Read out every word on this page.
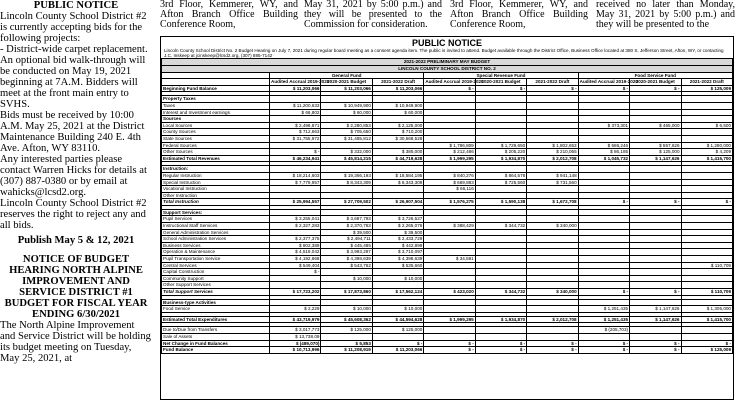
3rd Floor, Kemmerer, WY, and Afton Branch Office Building Conference Room,
May 31, 2021 by 5:00 p.m.) and they will be presented to the Commission for consideration.
3rd Floor, Kemmerer, WY, and Afton Branch Office Building Conference Room,
received no later than Monday, May 31, 2021 by 5:00 p.m.) and they will be presented to the

PUBLIC NOTICE

Lincoln County School District #2 is currently accepting bids for the following projects:

- District-wide carpet replacement.

An optional bid walk-through will be conducted on May 19, 2021 beginning at 7A.M. Bidders will meet at the front main entry to SVHS.

Bids must be received by 10:00 A.M. May 25, 2021 at the District Maintenance Building 240 E. 4th Ave. Afton, WY 83110.

Any interested parties please contact Warren Hicks for details at (307) 887-0380 or by email at wahicks@lcsd2.org.

Lincoln County School District #2 reserves the right to reject any and all bids.

Publish May 5 & 12, 2021

NOTICE OF BUDGET HEARING NORTH ALPINE IMPROVEMENT AND SERVICE DISTRICT #1 BUDGET FOR FISCAL YEAR ENDING 6/30/2021

The North Alpine Improvement and Service District will be holding its budget meeting on Tuesday, May 25, 2021, at

PUBLIC NOTICE
Lincoln County School District No. 2 Budget Hearing on July 7, 2021 during regular board meeting as a consent agenda item. The public is invited to attend. Budget available through the District Office, Business Office located at 380 S. Jefferson Street, Afton, WY, or contacting J.C. Inskeep at jcinskeep@lcsd2.org, (307) 885-7142
2021-2022 PRELIMINARY MAY BUDGET									
LINCOLN COUNTY SCHOOL DISTRICT NO. 2									
	General Fund			Special Revenue Fund			Food Service Fund		
	Audited Accrual 2019-2020	2020-2021 Budget	2021-2022 Draft	Audited Accrual 2019-2020	2020-2021 Budget	2021-2022 Draft	Audited Accrual 2019-2020	2020-2021 Budget	2021-2022 Draft
Beginning Fund Balance	$ 11,203,066	$ 11,203,066	$ 11,203,066	$ -	$ -	$ -	$ -	$ -	$ 125,009

Property Taxes									
Taxes	$ 11,200,633	$ 10,949,900	$ 10,949,900						
Interest and Investment earnings	$ 66,802	$ 60,000	$ 60,000						
Sources									
Local Sources	$ 2,498,871	$ 2,280,853	$ 2,125,000				$ 373,301	$ 465,000	$ 6,500
County Sources	$ 712,663	$ 705,650	$ 710,200						
State Sources	$ 31,755,972	$ 31,485,812	$ 30,568,528						
Federal Sources				$ 1,786,809	$ 1,729,650	$ 1,802,653	$ 586,246	$ 557,626	$ 1,280,000
Other Sources	$ -	$ 332,000	$ 385,000	$ 212,486	$ 205,220	$ 210,055	$ 86,185	$ 125,000	$ 4,209
Estimated Total Revenues	$ 46,234,941	$ 45,814,215	$ 44,719,628	$ 1,999,295	$ 1,934,870	$ 2,012,708	$ 1,045,732	$ 1,147,626	$ 1,415,700

Instruction:									
Regular Instruction	$ 18,214,603	$ 19,366,193	$ 18,584,195	$ 840,276	$ 864,578	$ 941,148			
Special Instruction	$ 7,779,957	$ 8,343,309	$ 8,343,309	$ 669,883	$ 725,560	$ 731,560			
Vocational Instruction				$ 66,116					
Other Instruction									
Total Instruction	$ 25,994,557	$ 27,709,502	$ 26,907,504	$ 1,576,275	$ 1,590,138	$ 1,672,708	$ -	$ -	$ -

Support Services:									
Pupil Services	$ 3,255,041	$ 3,687,793	$ 3,726,527						
Instructional Staff Services	$ 2,327,283	$ 2,370,763	$ 2,265,076	$ 388,429	$ 344,732	$ 340,000			
General Administration Services		$ 39,500	$ 39,500						
School Administration Services	$ 2,377,375	$ 2,494,711	$ 2,433,729						
Business Services	$ 802,389	$ 445,485	$ 442,899						
Operation & Maintenance	$ 4,519,042	$ 3,993,297	$ 3,710,097						
Pupil Transportation Service	$ 4,192,668	$ 4,398,639	$ 4,398,639	$ 34,591					
Central Services	$ 549,404	$ 543,762	$ 535,660						$ 110,709
Capital Construction	$ -								
Community Support		$ 10,000	$ 10,000						
Other Support Services									
Total Support Services	$ 17,723,202	$ 17,873,860	$ 17,562,124	$ 423,020	$ 344,732	$ 340,000	$ -	$ -	$ 110,709

Business-type Activities									
Food Service	$ 2,229	$ 10,000	$ 10,000				$ 1,251,435	$ 1,147,626	$ 1,305,000

Estimated Total Expenditures	$ 43,719,979	$ 45,608,362	$ 44,594,628	$ 1,999,295	$ 1,934,870	$ 2,012,708	$ 1,251,435	$ 1,147,626	$ 1,415,700

Due to/Due from Transfers	$ 3,017,773	$ 125,000	$ 125,000				$ (205,703)		
Sale of Assets	$ 13,738.09								
Net Change in Fund Balances	$ (489,070)	$ 5,853	$ -	$ -	$ -	$ -	$ -	$ -	$ -
Fund Balance	$ 10,713,996	$ 11,208,919	$ 11,203,066	$ -	$ -	$ -	$ -	$ -	$ 125,009
